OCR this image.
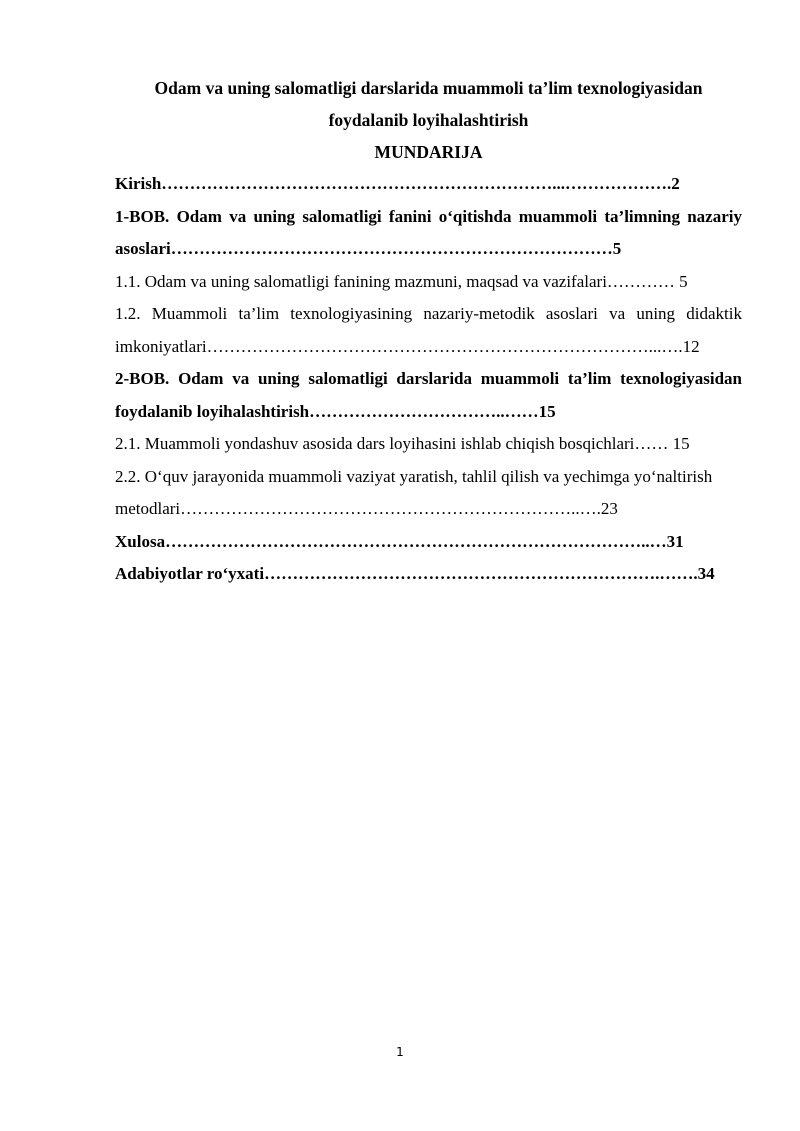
Odam va uning salomatligi darslarida muammoli ta’lim texnologiyasidan foydalanib loyihalashtirish

MUNDARIJA

Kirish……………………………………………………………...……………….2
1-BOB. Odam va uning salomatligi fanini o‘qitishda muammoli ta’limning nazariy asoslari……………………………………………………………………5
1.1. Odam va uning salomatligi fanining mazmuni, maqsad va vazifalari………… 5
1.2. Muammoli ta’lim texnologiyasining nazariy-metodik asoslari va uning didaktik imkoniyatlari……………………………………………………………………...….12
2-BOB. Odam va uning salomatligi darslarida muammoli ta’lim texnologiyasidan foydalanib loyihalashtirish……………………………..……15
2.1. Muammoli yondashuv asosida dars loyihasini ishlab chiqish bosqichlari…… 15
2.2. O‘quv jarayonida muammoli vaziyat yaratish, tahlil qilish va yechimga yo‘naltirish
metodlari……………………………………………………………..….23
Xulosa…………………………………………………………………………..…31
Adabiyotlar ro‘yxati…………………………………………………………….…….34
1
